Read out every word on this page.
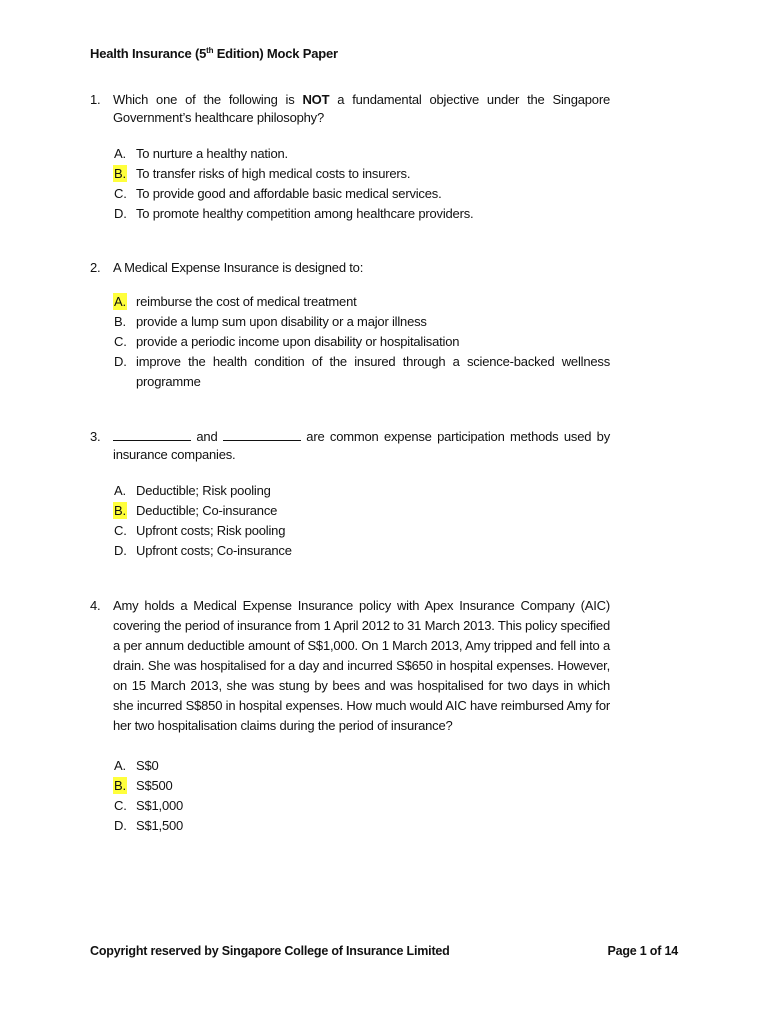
Health Insurance (5th Edition) Mock Paper
1. Which one of the following is NOT a fundamental objective under the Singapore Government’s healthcare philosophy?
A. To nurture a healthy nation.
B. To transfer risks of high medical costs to insurers.
C. To provide good and affordable basic medical services.
D. To promote healthy competition among healthcare providers.
2. A Medical Expense Insurance is designed to:
A. reimburse the cost of medical treatment
B. provide a lump sum upon disability or a major illness
C. provide a periodic income upon disability or hospitalisation
D. improve the health condition of the insured through a science-backed wellness programme
3.	and	are common expense participation methods used by insurance companies.
A. Deductible; Risk pooling
B. Deductible; Co-insurance
C. Upfront costs; Risk pooling
D. Upfront costs; Co-insurance
4. Amy holds a Medical Expense Insurance policy with Apex Insurance Company (AIC) covering the period of insurance from 1 April 2012 to 31 March 2013. This policy specified a per annum deductible amount of S$1,000. On 1 March 2013, Amy tripped and fell into a drain. She was hospitalised for a day and incurred S$650 in hospital expenses. However, on 15 March 2013, she was stung by bees and was hospitalised for two days in which she incurred S$850 in hospital expenses. How much would AIC have reimbursed Amy for her two hospitalisation claims during the period of insurance?
A. S$0
B. S$500
C. S$1,000
D. S$1,500
Copyright reserved by Singapore College of Insurance Limited	Page 1 of 14
